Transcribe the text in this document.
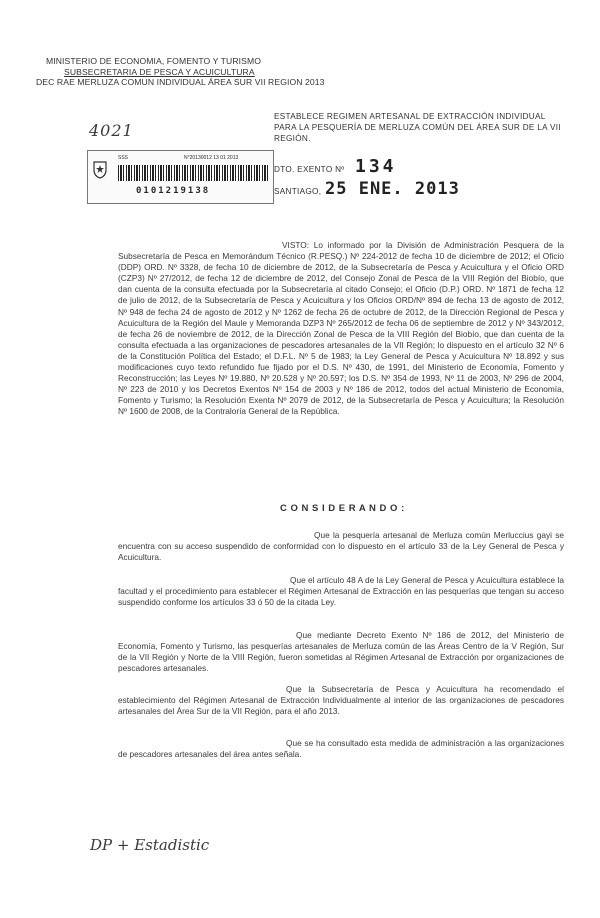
MINISTERIO DE ECONOMIA, FOMENTO Y TURISMO
SUBSECRETARIA DE PESCA Y ACUICULTURA
DEC RAE MERLUZA COMUN INDIVIDUAL ÁREA SUR VII REGION 2013
4021
SSS	N°20130012 13 01 2013
0101219138
ESTABLECE REGIMEN ARTESANAL DE EXTRACCIÓN INDIVIDUAL PARA LA PESQUERÍA DE MERLUZA COMÚN DEL ÁREA SUR DE LA VII REGIÓN.
DTO. EXENTO Nº 134
SANTIAGO, 25 ENE. 2013

VISTO: Lo informado por la División de Administración Pesquera de la Subsecretaría de Pesca en Memorándum Técnico (R.PESQ.) Nº 224-2012 de fecha 10 de diciembre de 2012; el Oficio (DDP) ORD. Nº 3328, de fecha 10 de diciembre de 2012, de la Subsecretaría de Pesca y Acuicultura y el Oficio ORD (CZP3) Nº 27/2012, de fecha 12 de diciembre de 2012, del Consejo Zonal de Pesca de la VIII Región del Biobío, que dan cuenta de la consulta efectuada por la Subsecretaría al citado Consejo; el Oficio (D.P.) ORD. Nº 1871 de fecha 12 de julio de 2012, de la Subsecretaría de Pesca y Acuicultura y los Oficios ORD/Nº 894 de fecha 13 de agosto de 2012, Nº 948 de fecha 24 de agosto de 2012 y Nº 1262 de fecha 26 de octubre de 2012, de la Dirección Regional de Pesca y Acuicultura de la Región del Maule y Memoranda DZP3 Nº 265/2012 de fecha 06 de septiembre de 2012 y Nº 343/2012, de fecha 26 de noviembre de 2012, de la Dirección Zonal de Pesca de la VIII Región del Biobío, que dan cuenta de la consulta efectuada a las organizaciones de pescadores artesanales de la VII Región; lo dispuesto en el artículo 32 Nº 6 de la Constitución Política del Estado; el D.F.L. Nº 5 de 1983; la Ley General de Pesca y Acuicultura Nº 18.892 y sus modificaciones cuyo texto refundido fue fijado por el D.S. Nº 430, de 1991, del Ministerio de Economía, Fomento y Reconstrucción; las Leyes Nº 19.880, Nº 20.528 y Nº 20.597; los D.S. Nº 354 de 1993, Nº 11 de 2003, Nº 296 de 2004, Nº 223 de 2010 y los Decretos Exentos Nº 154 de 2003 y Nº 186 de 2012, todos del actual Ministerio de Economía, Fomento y Turismo; la Resolución Exenta Nº 2079 de 2012, de la Subsecretaría de Pesca y Acuicultura; la Resolución Nº 1600 de 2008, de la Contraloría General de la República.

C O N S I D E R A N D O :

Que la pesquería artesanal de Merluza común Merluccius gayi se encuentra con su acceso suspendido de conformidad con lo dispuesto en el artículo 33 de la Ley General de Pesca y Acuicultura.

Que el artículo 48 A de la Ley General de Pesca y Acuicultura establece la facultad y el procedimiento para establecer el Régimen Artesanal de Extracción en las pesquerías que tengan su acceso suspendido conforme los artículos 33 ó 50 de la citada Ley.

Que mediante Decreto Exento Nº 186 de 2012, del Ministerio de Economía, Fomento y Turismo, las pesquerías artesanales de Merluza común de las Áreas Centro de la V Región, Sur de la VII Región y Norte de la VIII Región, fueron sometidas al Régimen Artesanal de Extracción por organizaciones de pescadores artesanales.

Que la Subsecretaría de Pesca y Acuicultura ha recomendado el establecimiento del Régimen Artesanal de Extracción Individualmente al interior de las organizaciones de pescadores artesanales del Área Sur de la VII Región, para el año 2013.

Que se ha consultado esta medida de administración a las organizaciones de pescadores artesanales del área antes señala.

DP + Estadistic
